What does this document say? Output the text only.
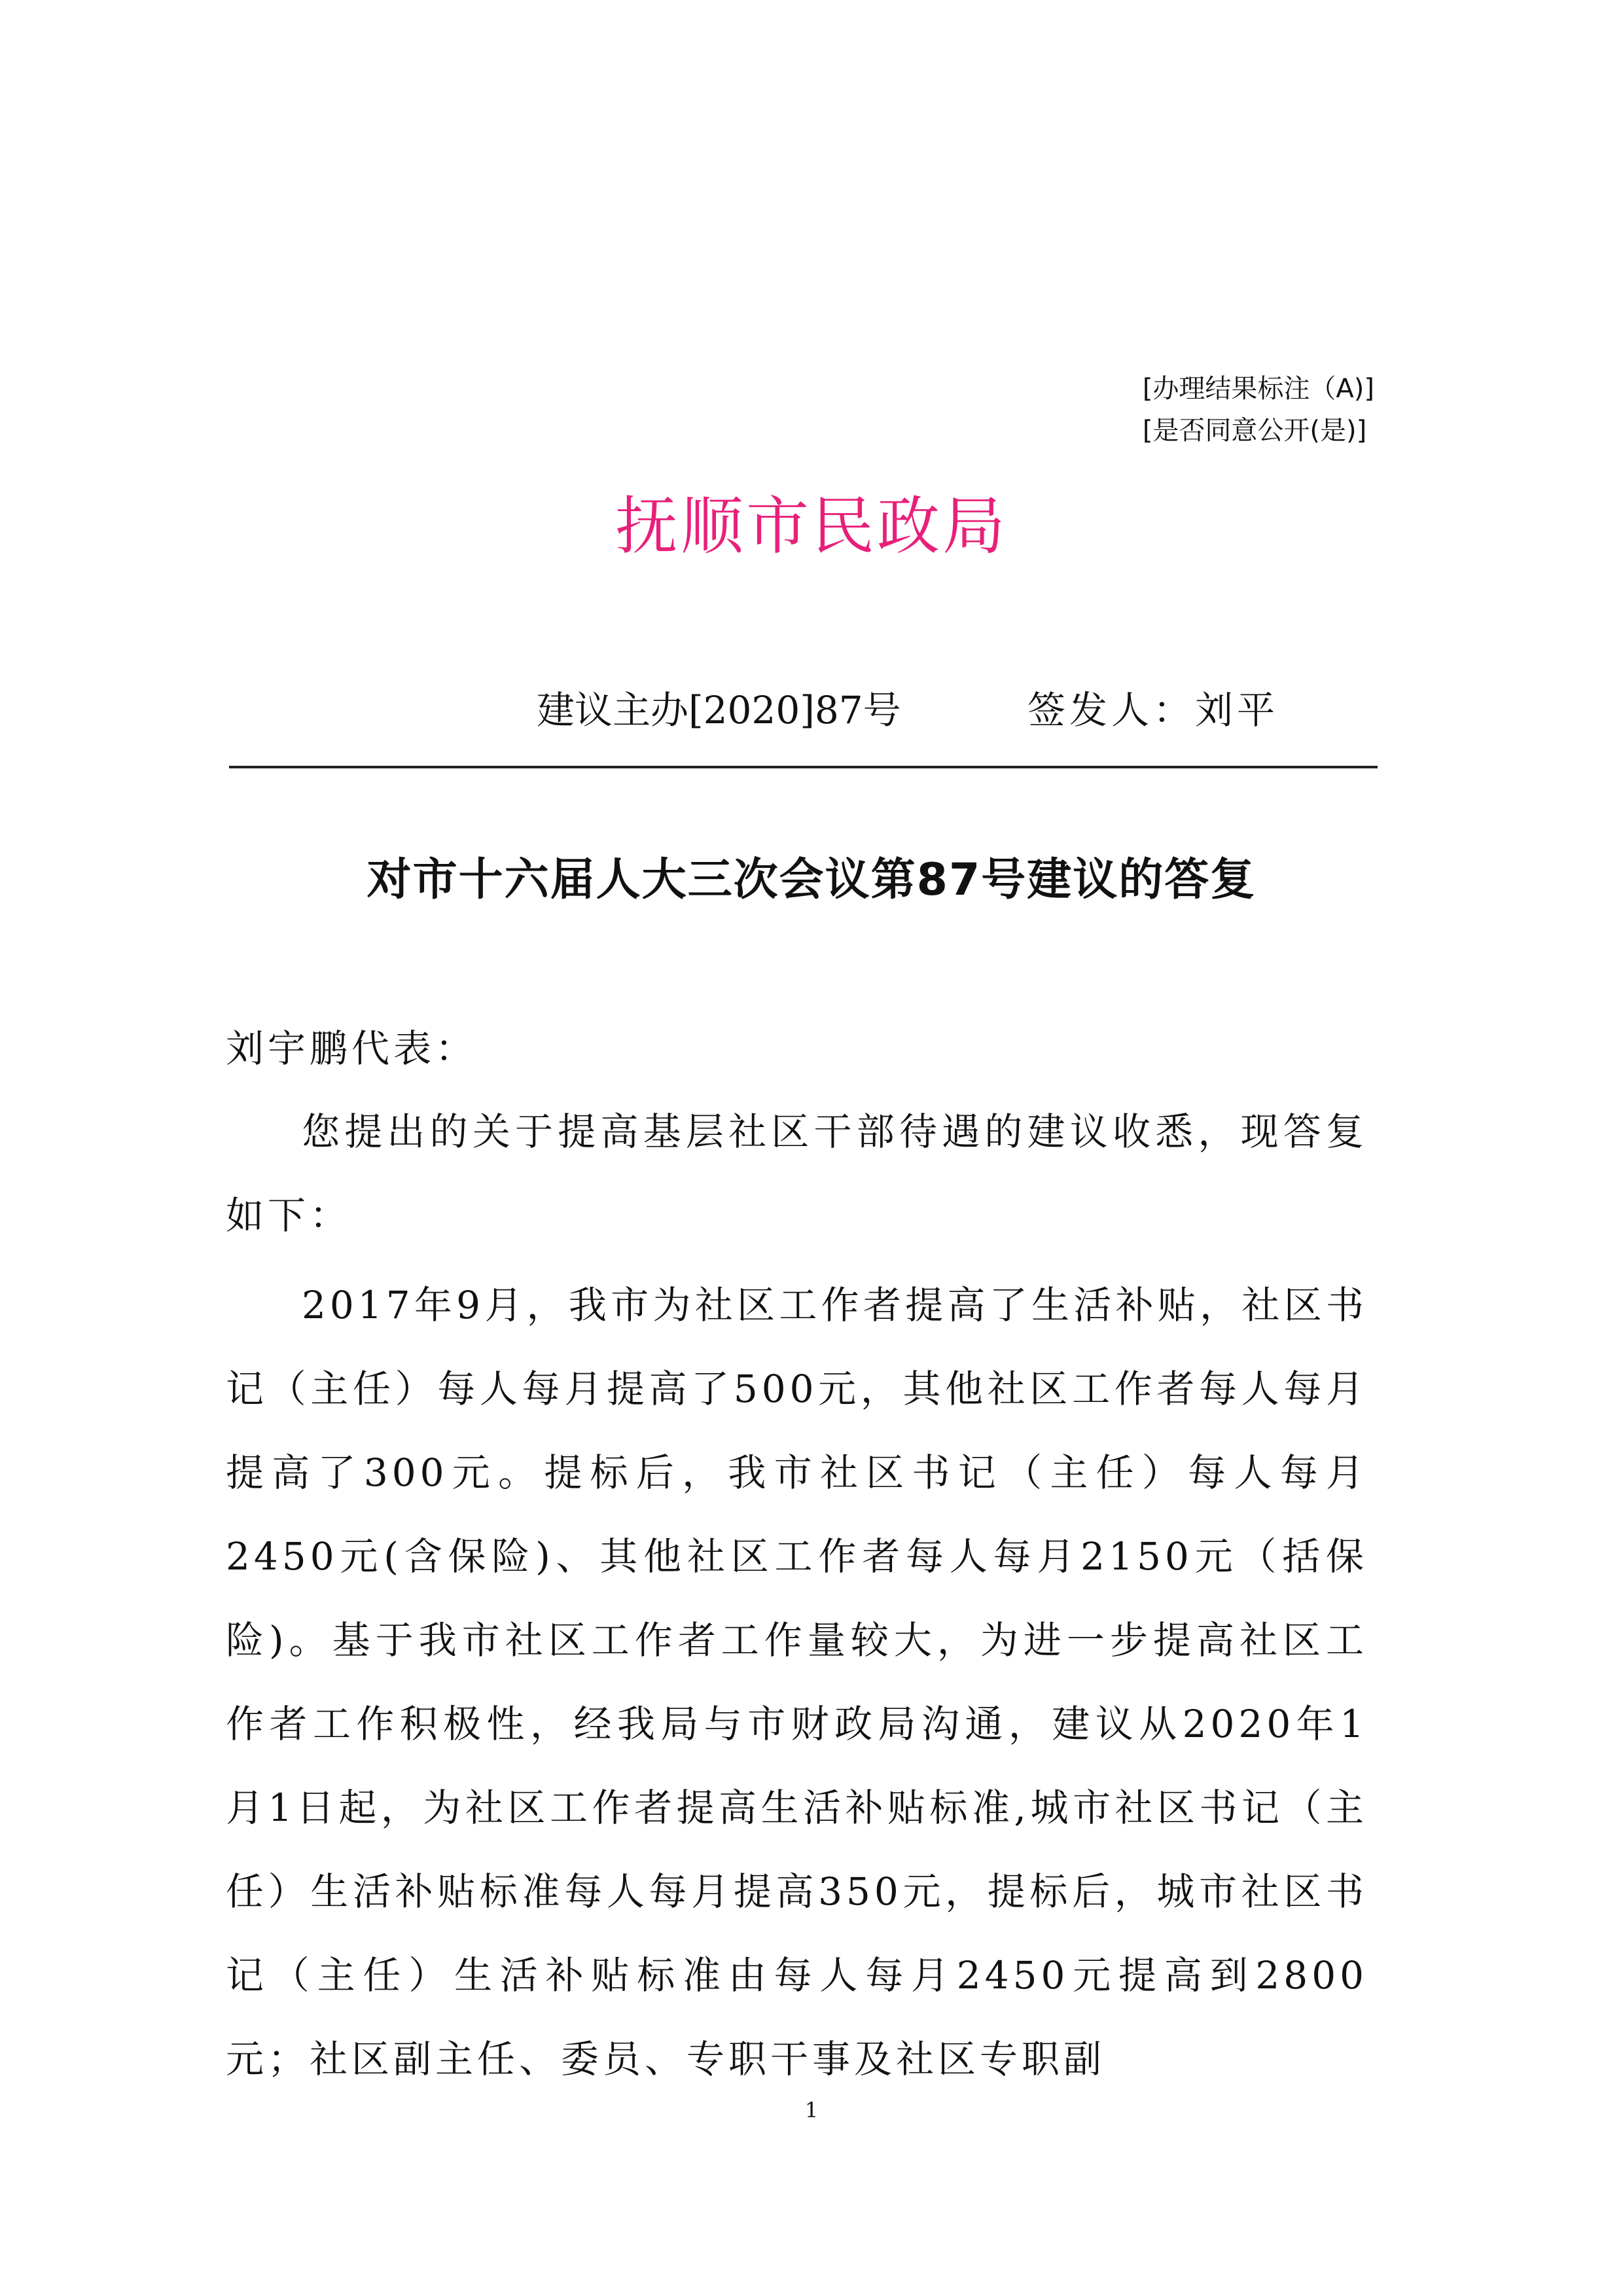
[办理结果标注（A)]
[是否同意公开(是)]
抚顺市民政局
建议主办[2020]87号	签发人：刘平
对市十六届人大三次会议第87号建议的答复
刘宇鹏代表：
您提出的关于提高基层社区干部待遇的建议收悉，现答复如下：
2017年9月，我市为社区工作者提高了生活补贴，社区书记（主任）每人每月提高了500元，其他社区工作者每人每月提高了300元。提标后，我市社区书记（主任）每人每月2450元(含保险)、其他社区工作者每人每月2150元（括保险)。基于我市社区工作者工作量较大，为进一步提高社区工作者工作积极性，经我局与市财政局沟通，建议从2020年1月1日起，为社区工作者提高生活补贴标准,城市社区书记（主任）生活补贴标准每人每月提高350元，提标后，城市社区书记（主任）生活补贴标准由每人每月2450元提高到2800元；社区副主任、委员、专职干事及社区专职副
1
